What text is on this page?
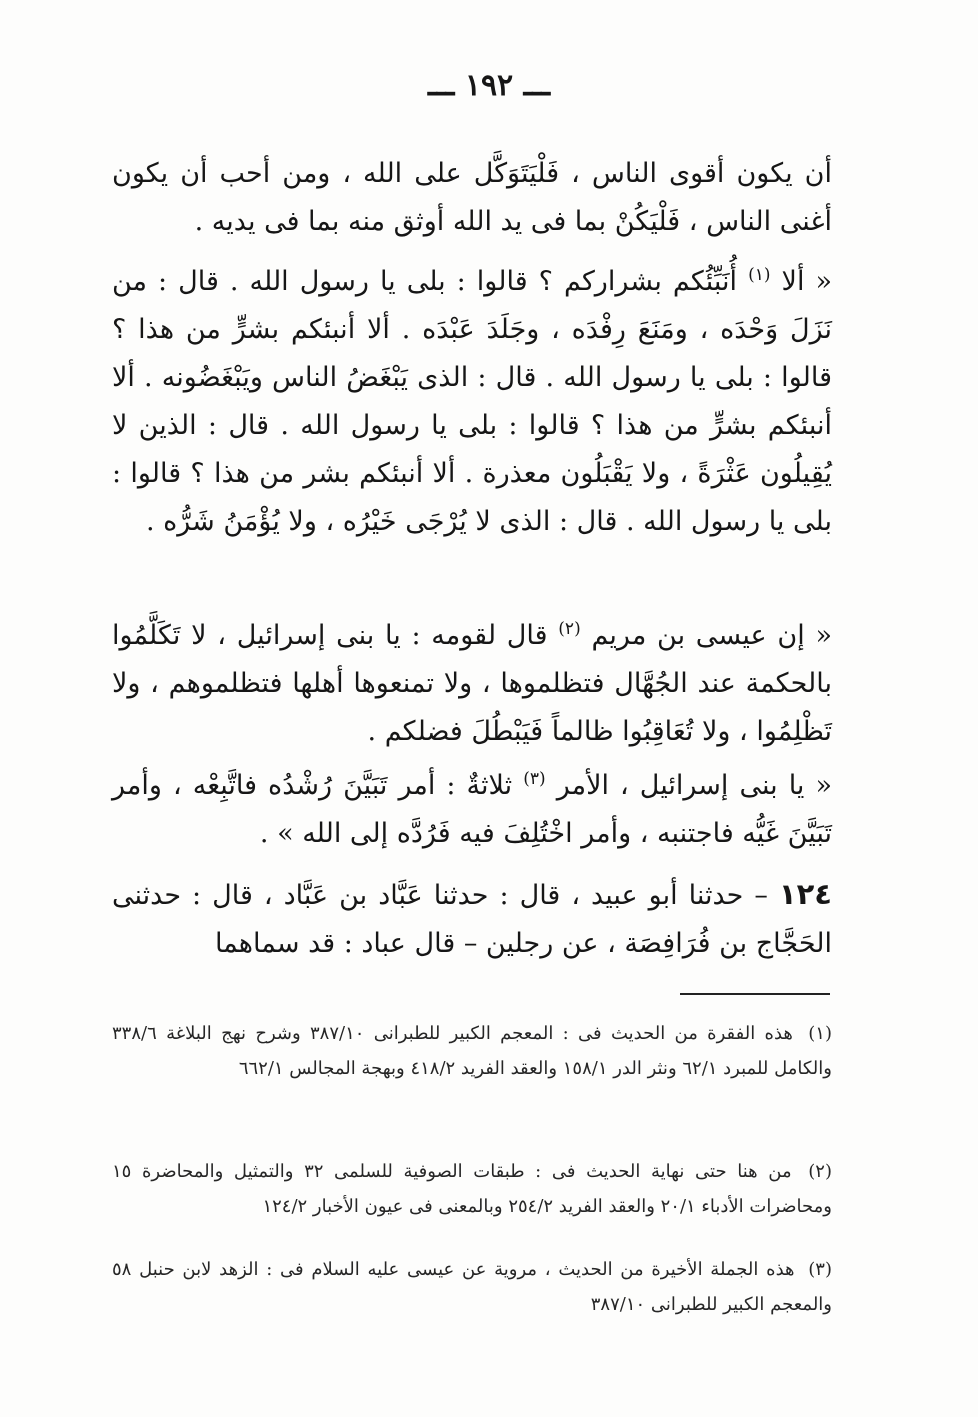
ـــ ١٩٢ ـــ

أن يكون أقوى الناس ، فَلْيَتَوَكَّل على الله ، ومن أحب أن يكون أغنى الناس ، فَلْيَكُنْ بما فى يد الله أوثق منه بما فى يديه .

« ألا $^{(١)}$ أُنَبِّئُكم بشراركم ؟ قالوا : بلى يا رسول الله . قال : من نَزَلَ وَحْدَه ، ومَنَعَ رِفْدَه ، وجَلَدَ عَبْدَه . ألا أنبئكم بشرٍّ من هذا ؟ قالوا : بلى يا رسول الله . قال : الذى يَبْغَضُ الناس ويَبْغَضُونه . ألا أنبئكم بشرٍّ من هذا ؟ قالوا : بلى يا رسول الله . قال : الذين لا يُقِيلُون عَثْرَةً ، ولا يَقْبَلُون معذرة . ألا أنبئكم بشر من هذا ؟ قالوا : بلى يا رسول الله . قال : الذى لا يُرْجَى خَيْرُه ، ولا يُؤْمَنُ شَرُّه .

« إن عيسى بن مريم $^{(٢)}$ قال لقومه : يا بنى إسرائيل ، لا تَكَلَّمُوا بالحكمة عند الجُهَّال فتظلموها ، ولا تمنعوها أهلها فتظلموهم ، ولا تَظْلِمُوا ، ولا تُعَاقِبُوا ظالماً فَيَبْطُلَ فضلكم .

« يا بنى إسرائيل ، الأمر $^{(٣)}$ ثلاثةٌ : أمر تَبَيَّنَ رُشْدُه فاتَّبِعْه ، وأمر تَبَيَّنَ غَيُّه فاجتنبه ، وأمر اخْتُلِفَ فيه فَرُدَّه إلى الله » .

١٢٤ – حدثنا أبو عبيد ، قال : حدثنا عَبَّاد بن عَبَّاد ، قال : حدثنى الحَجَّاج بن فُرَافِصَة ، عن رجلين – قال عباد : قد سماهما

(١) هذه الفقرة من الحديث فى : المعجم الكبير للطبرانى ٣٨٧/١٠ وشرح نهج البلاغة ٣٣٨/٦ والكامل للمبرد ٦٢/١ ونثر الدر ١٥٨/١ والعقد الفريد ٤١٨/٢ وبهجة المجالس ٦٦٢/١

(٢) من هنا حتى نهاية الحديث فى : طبقات الصوفية للسلمى ٣٢ والتمثيل والمحاضرة ١٥ ومحاضرات الأدباء ٢٠/١ والعقد الفريد ٢٥٤/٢ وبالمعنى فى عيون الأخبار ١٢٤/٢

(٣) هذه الجملة الأخيرة من الحديث ، مروية عن عيسى عليه السلام فى : الزهد لابن حنبل ٥٨ والمعجم الكبير للطبرانى ٣٨٧/١٠
